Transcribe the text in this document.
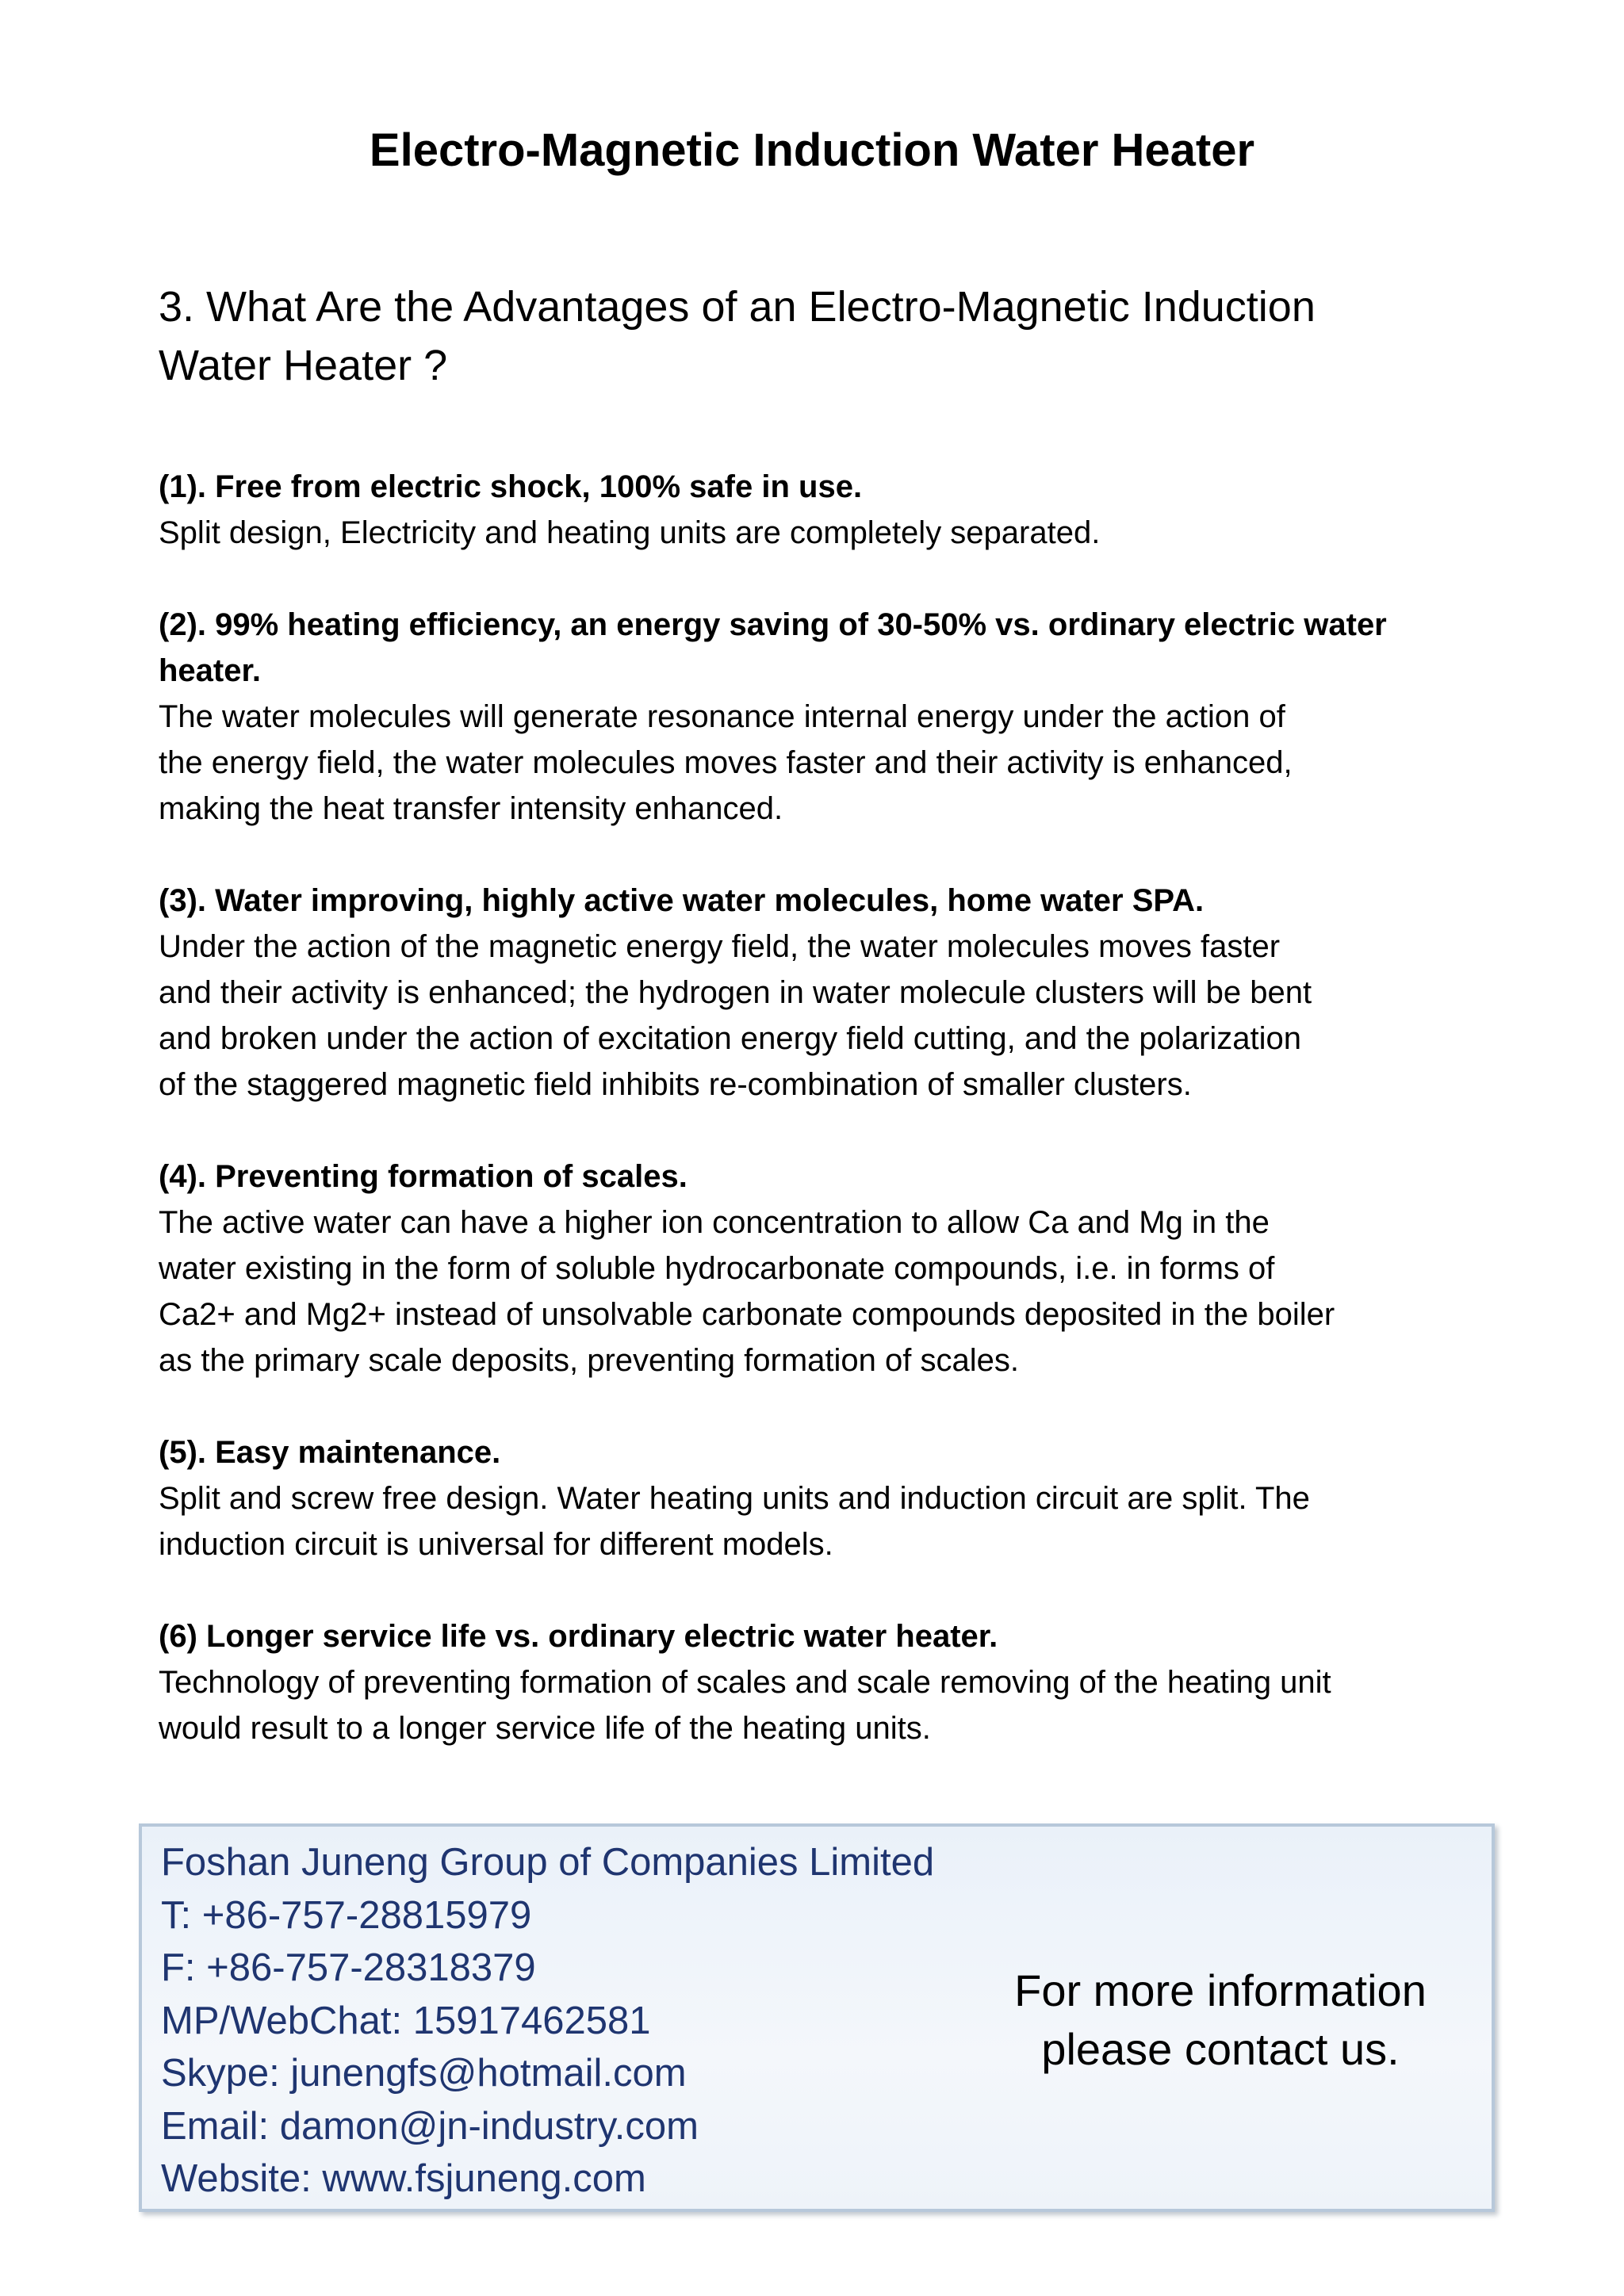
Electro-Magnetic Induction Water Heater
3. What Are the Advantages of an Electro-Magnetic Induction
Water Heater ?

(1). Free from electric shock, 100% safe in use.

Split design, Electricity and heating units are completely separated.

(2). 99% heating efficiency, an energy saving of 30-50% vs. ordinary electric water
heater.

The water molecules will generate resonance internal energy under the action of
the energy field, the water molecules moves faster and their activity is enhanced,
making the heat transfer intensity enhanced.

(3). Water improving, highly active water molecules, home water SPA.

Under the action of the magnetic energy field, the water molecules moves faster
and their activity is enhanced; the hydrogen in water molecule clusters will be bent
and broken under the action of excitation energy field cutting, and the polarization
of the staggered magnetic field inhibits re-combination of smaller clusters.

(4). Preventing formation of scales.

The active water can have a higher ion concentration to allow Ca and Mg in the
water existing in the form of soluble hydrocarbonate compounds, i.e. in forms of
Ca2+ and Mg2+ instead of unsolvable carbonate compounds deposited in the boiler
as the primary scale deposits, preventing formation of scales.

(5). Easy maintenance.

Split and screw free design. Water heating units and induction circuit are split. The
induction circuit is universal for different models.

(6) Longer service life vs. ordinary electric water heater.

Technology of preventing formation of scales and scale removing of the heating unit
would result to a longer service life of the heating units.

Foshan Juneng Group of Companies Limited
T: +86-757-28815979
F: +86-757-28318379
MP/WebChat: 15917462581
Skype: junengfs@hotmail.com
Email: damon@jn-industry.com
Website: www.fsjuneng.com
For more information
please contact us.
